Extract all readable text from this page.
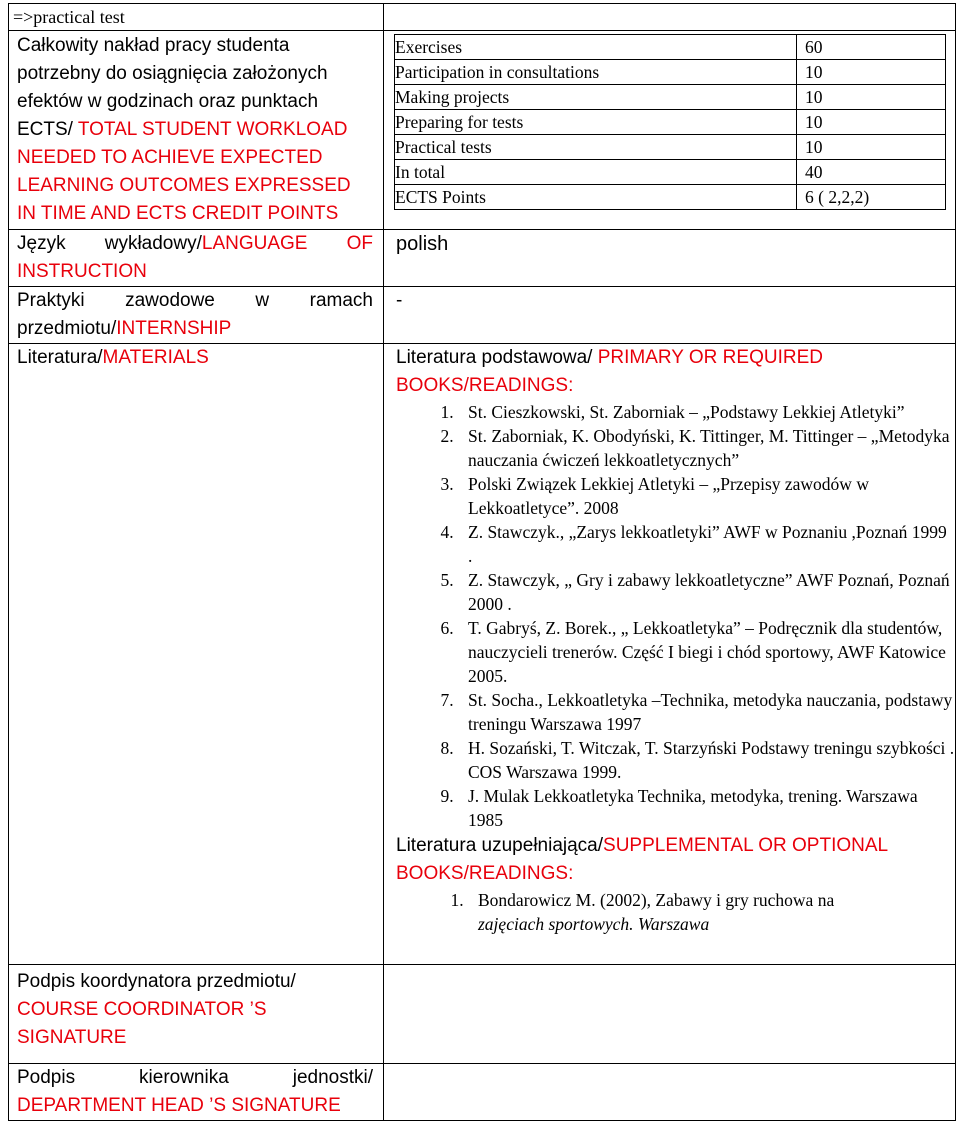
=>practical test	
Całkowity nakład pracy studenta potrzebny do osiągnięcia założonych efektów w godzinach oraz punktach ECTS/ TOTAL STUDENT WORKLOAD NEEDED TO ACHIEVE EXPECTED LEARNING OUTCOMES EXPRESSED IN TIME AND ECTS CREDIT POINTS	
Exercises	60
Participation in consultations	10
Making projects	10
Preparing for tests	10
Practical tests	10
In total	40
ECTS Points	6 ( 2,2,2)

Język wykładowy/LANGUAGE OF
INSTRUCTION
	polish

Praktyki zawodowe w ramach
przedmiotu/INTERNSHIP
	-
Literatura/MATERIALS	Literatura podstawowa/ PRIMARY OR REQUIRED BOOKS/READINGS:
1. St. Cieszkowski, St. Zaborniak – „Podstawy Lekkiej Atletyki”
2. St. Zaborniak, K. Obodyński, K. Tittinger, M. Tittinger – „Metodyka nauczania ćwiczeń lekkoatletycznych”
3. Polski Związek Lekkiej Atletyki – „Przepisy zawodów w Lekkoatletyce”. 2008
4. Z. Stawczyk., „Zarys lekkoatletyki” AWF w Poznaniu ,Poznań 1999 .
5. Z. Stawczyk, „ Gry i zabawy lekkoatletyczne” AWF Poznań, Poznań 2000 .
6. T. Gabryś, Z. Borek., „ Lekkoatletyka” – Podręcznik dla studentów, nauczycieli trenerów. Część I biegi i chód sportowy, AWF Katowice 2005.
7. St. Socha., Lekkoatletyka –Technika, metodyka nauczania, podstawy treningu Warszawa 1997
8. H. Sozański, T. Witczak, T. Starzyński Podstawy treningu szybkości . COS Warszawa 1999.
9. J. Mulak Lekkoatletyka Technika, metodyka, trening. Warszawa 1985
Literatura uzupełniająca/SUPPLEMENTAL OR OPTIONAL BOOKS/READINGS:
1. Bondarowicz M. (2002), Zabawy i gry ruchowa na
zajęciach sportowych. Warszawa

Podpis koordynatora przedmiotu/
COURSE COORDINATOR ’S SIGNATURE	

Podpis kierownika jednostki/
DEPARTMENT HEAD ’S SIGNATURE
